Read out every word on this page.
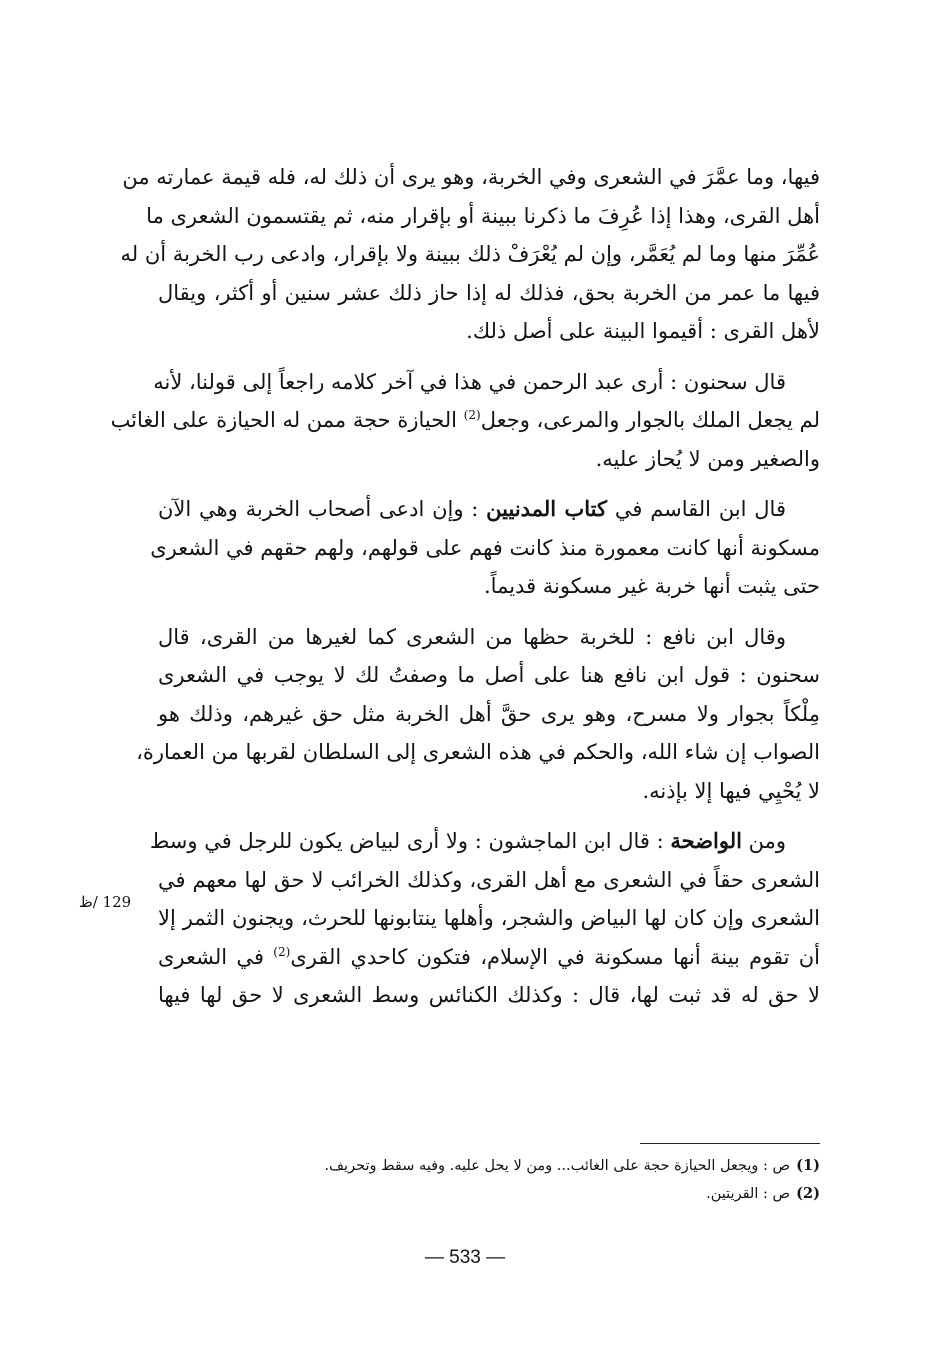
فيها، وما عمَّرَ في الشعرى وفي الخربة، وهو يرى أن ذلك له، فله قيمة عمارته من
أهل القرى، وهذا إذا عُرِفَ ما ذكرنا ببينة أو بإقرار منه، ثم يقتسمون الشعرى ما
عُمِّرَ منها وما لم يُعَمَّر، وإن لم يُعْرَفْ ذلك ببينة ولا بإقرار، وادعى رب الخربة أن له
فيها ما عمر من الخربة بحق، فذلك له إذا حاز ذلك عشر سنين أو أكثر، ويقال
لأهل القرى : أقيموا البينة على أصل ذلك.

قال سحنون : أرى عبد الرحمن في هذا في آخر كلامه راجعاً إلى قولنا، لأنه
لم يجعل الملك بالجوار والمرعى، وجعل$^{(2)}$ الحيازة حجة ممن له الحيازة على الغائب
والصغير ومن لا يُحاز عليه.

قال ابن القاسم في كتاب المدنيين : وإن ادعى أصحاب الخربة وهي الآن
مسكونة أنها كانت معمورة منذ كانت فهم على قولهم، ولهم حقهم في الشعرى
حتى يثبت أنها خربة غير مسكونة قديماً.

وقال ابن نافع : للخربة حظها من الشعرى كما لغيرها من القرى، قال
سحنون : قول ابن نافع هنا على أصل ما وصفتُ لك لا يوجب في الشعرى
مِلْكاً بجوار ولا مسرح، وهو يرى حقَّ أهل الخربة مثل حق غيرهم، وذلك هو
الصواب إن شاء الله، والحكم في هذه الشعرى إلى السلطان لقربها من العمارة،
لا يُحْيِي فيها إلا بإذنه.

ومن الواضحة : قال ابن الماجشون : ولا أرى لبياض يكون للرجل في وسط
الشعرى حقاً في الشعرى مع أهل القرى، وكذلك الخرائب لا حق لها معهم في
الشعرى وإن كان لها البياض والشجر، وأهلها ينتابونها للحرث، ويجنون الثمر إلا
أن تقوم بينة أنها مسكونة في الإسلام، فتكون كاحدي القرى$^{(2)}$ في الشعرى
لا حق له قد ثبت لها، قال : وكذلك الكنائس وسط الشعرى لا حق لها فيها

129 /ظ
(1)ص : ويجعل الحيازة حجة على الغائب... ومن لا يحل عليه. وفيه سقط وتحريف.
(2)ص : القريتين.
— 533 —
